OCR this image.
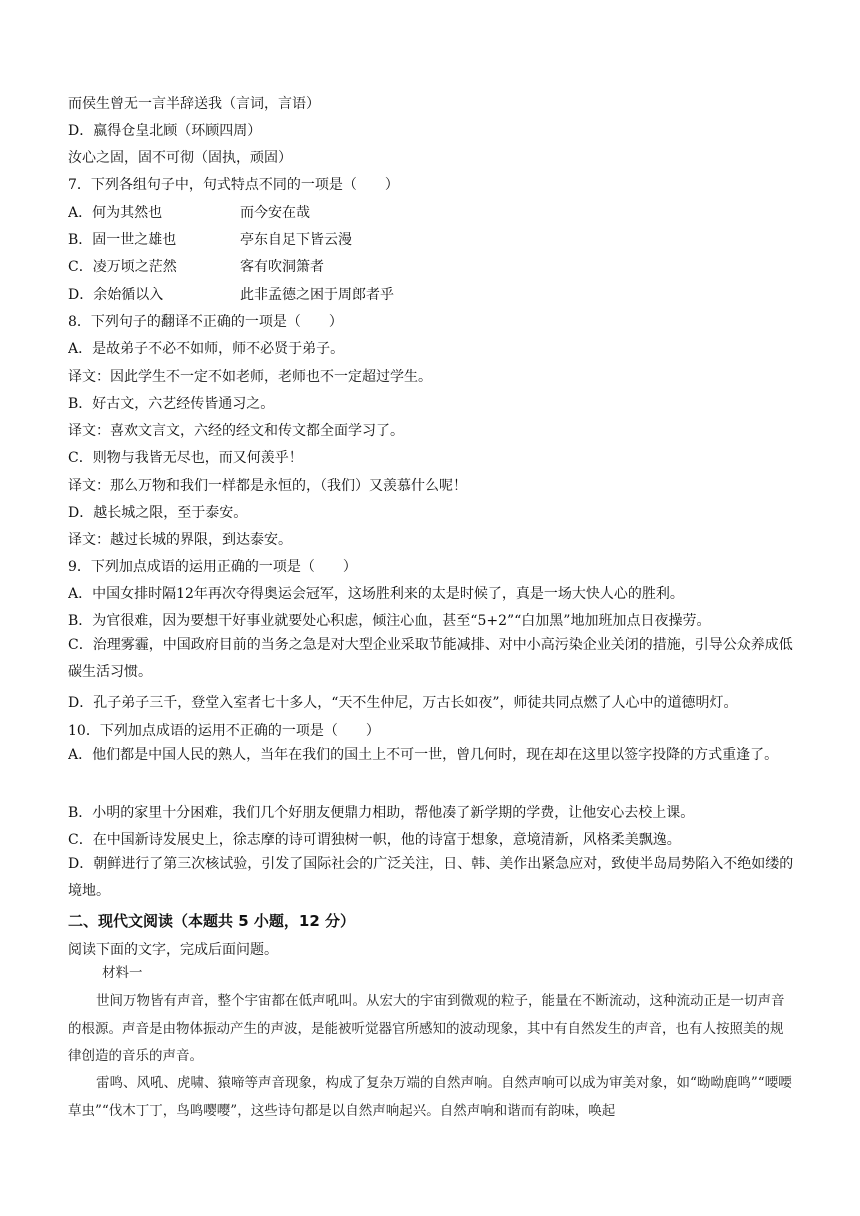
而侯生曾无一言半辞送我（言词，言语）
D．嬴得仓皇北顾（环顾四周）
汝心之固，固不可彻（固执，顽固）
7．下列各组句子中，句式特点不同的一项是（　　）
A．何为其然也	而今安在哉
B．固一世之雄也	亭东自足下皆云漫
C．凌万顷之茫然	客有吹洞箫者
D．余始循以入	此非孟德之困于周郎者乎
8．下列句子的翻译不正确的一项是（　　）
A．是故弟子不必不如师，师不必贤于弟子。
译文：因此学生不一定不如老师，老师也不一定超过学生。
B．好古文，六艺经传皆通习之。
译文：喜欢文言文，六经的经文和传文都全面学习了。
C．则物与我皆无尽也，而又何羡乎！
译文：那么万物和我们一样都是永恒的，（我们）又羡慕什么呢！
D．越长城之限，至于泰安。
译文：越过长城的界限，到达泰安。
9．下列加点成语的运用正确的一项是（　　）
A．中国女排时隔12年再次夺得奥运会冠军，这场胜利来的太是时候了，真是一场大快人心的胜利。
B．为官很难，因为要想干好事业就要处心积虑，倾注心血，甚至“5+2”“白加黑”地加班加点日夜操劳。
C．治理雾霾，中国政府目前的当务之急是对大型企业采取节能减排、对中小高污染企业关闭的措施，引导公众养成低碳生活习惯。
D．孔子弟子三千，登堂入室者七十多人，“天不生仲尼，万古长如夜”，师徒共同点燃了人心中的道德明灯。
10．下列加点成语的运用不正确的一项是（　　）
A．他们都是中国人民的熟人，当年在我们的国土上不可一世，曾几何时，现在却在这里以签字投降的方式重逢了。
B．小明的家里十分困难，我们几个好朋友便鼎力相助，帮他凑了新学期的学费，让他安心去校上课。
C．在中国新诗发展史上，徐志摩的诗可谓独树一帜，他的诗富于想象，意境清新，风格柔美飘逸。
D．朝鲜进行了第三次核试验，引发了国际社会的广泛关注，日、韩、美作出紧急应对，致使半岛局势陷入不绝如缕的境地。
二、现代文阅读（本题共 5 小题，12 分）
阅读下面的文字，完成后面问题。
材料一
世间万物皆有声音，整个宇宙都在低声吼叫。从宏大的宇宙到微观的粒子，能量在不断流动，这种流动正是一切声音的根源。声音是由物体振动产生的声波，是能被听觉器官所感知的波动现象，其中有自然发生的声音，也有人按照美的规律创造的音乐的声音。
雷鸣、风吼、虎啸、猿啼等声音现象，构成了复杂万端的自然声响。自然声响可以成为审美对象，如“呦呦鹿鸣”“喓喓草虫”“伐木丁丁，鸟鸣嘤嘤”，这些诗句都是以自然声响起兴。自然声响和谐而有韵味，唤起
